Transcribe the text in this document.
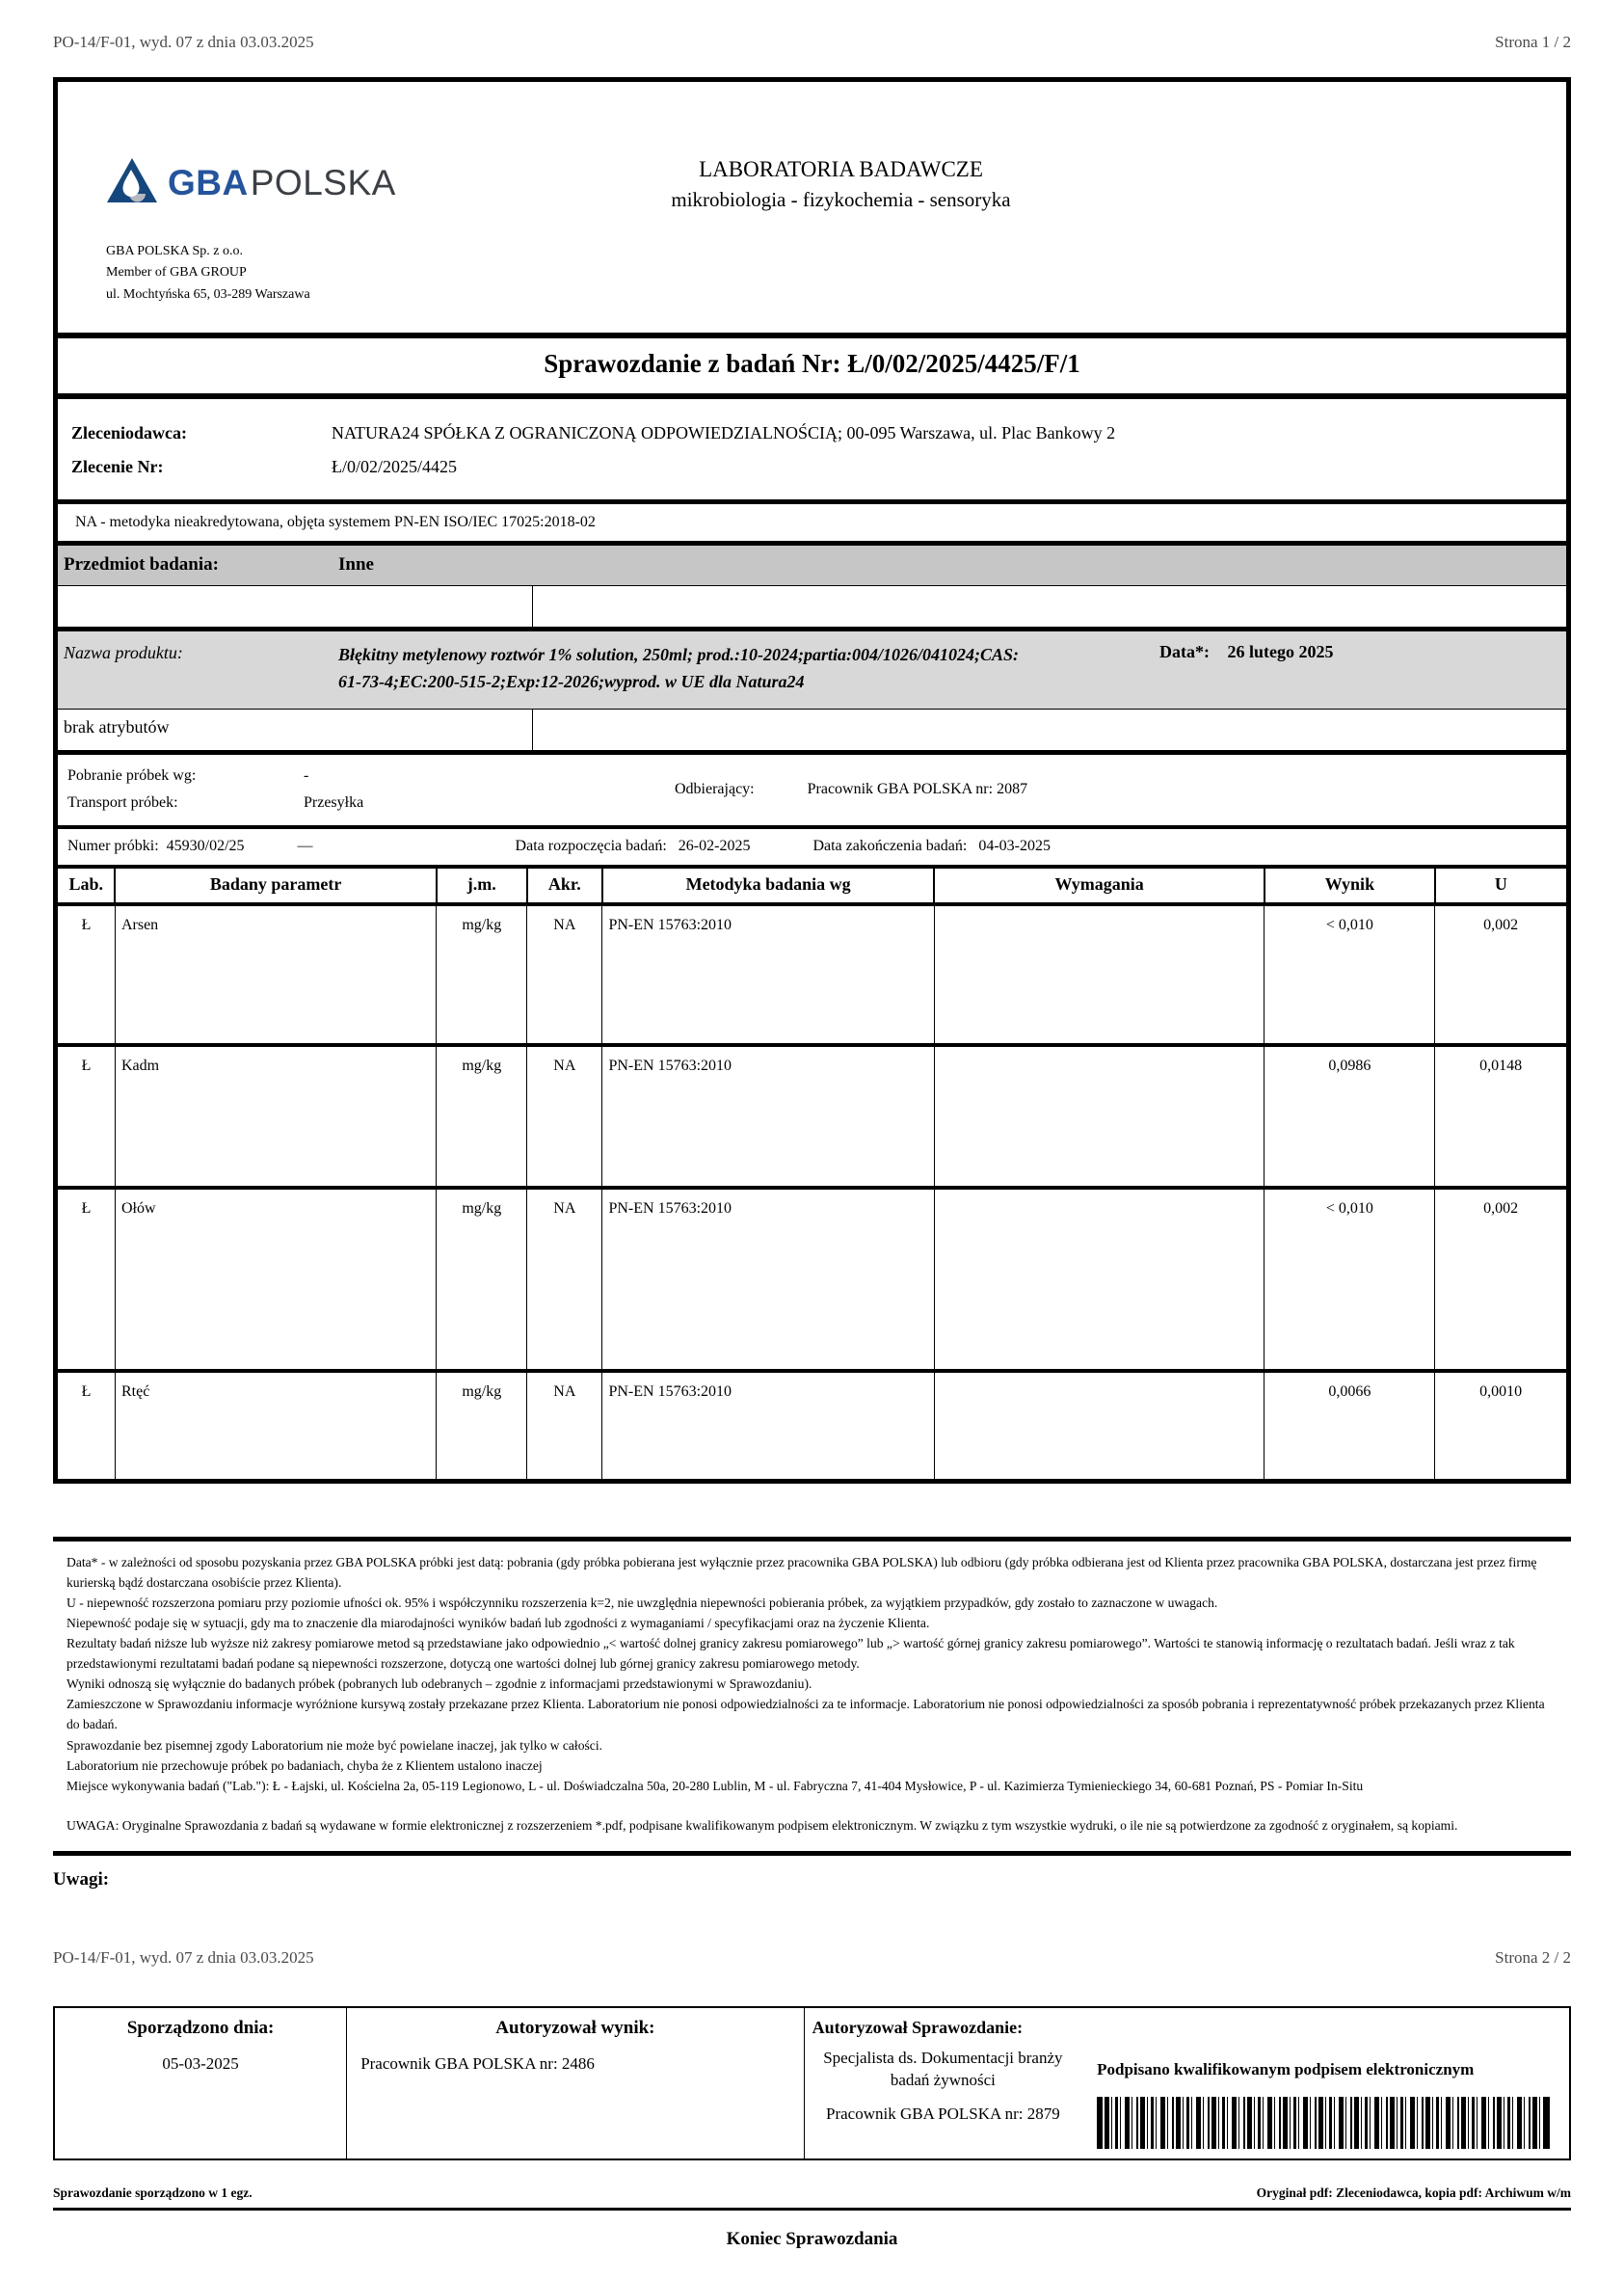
PO-14/F-01, wyd. 07 z dnia 03.03.2025	Strona 1 / 2
GBAPOLSKA	LABORATORIA BADAWCZE
mikrobiologia - fizykochemia - sensoryka
GBA POLSKA Sp. z o.o.
Member of GBA GROUP
ul. Mochtyńska 65, 03-289 Warszawa
Sprawozdanie z badań Nr: Ł/0/02/2025/4425/F/1
Zleceniodawca:	NATURA24 SPÓŁKA Z OGRANICZONĄ ODPOWIEDZIALNOŚCIĄ; 00-095 Warszawa, ul. Plac Bankowy 2
Zlecenie Nr:	Ł/0/02/2025/4425
NA - metodyka nieakredytowana, objęta systemem PN-EN ISO/IEC 17025:2018-02
Przedmiot badania:	Inne
Nazwa produktu:	Błękitny metylenowy roztwór 1% solution, 250ml; prod.:10-2024;partia:004/1026/041024;CAS:
61-73-4;EC:200-515-2;Exp:12-2026;wyprod. w UE dla Natura24
Data*: 26 lutego 2025
brak atrybutów
Pobranie próbek wg:	-
Transport próbek:	Przesyłka
Odbierający:	Pracownik GBA POLSKA nr: 2087
Numer próbki: 45930/02/25	—	Data rozpoczęcia badań: 26-02-2025	Data zakończenia badań: 04-03-2025
Lab.	Badany parametr	j.m.	Akr.	Metodyka badania wg	Wymagania	Wynik	U
Ł	Arsen	mg/kg	NA	PN-EN 15763:2010		< 0,010	0,002
Ł	Kadm	mg/kg	NA	PN-EN 15763:2010		0,0986	0,0148
Ł	Ołów	mg/kg	NA	PN-EN 15763:2010		< 0,010	0,002
Ł	Rtęć	mg/kg	NA	PN-EN 15763:2010		0,0066	0,0010
Data* - w zależności od sposobu pozyskania przez GBA POLSKA próbki jest datą: pobrania (gdy próbka pobierana jest wyłącznie przez pracownika GBA POLSKA) lub odbioru (gdy próbka odbierana jest od Klienta przez pracownika GBA POLSKA, dostarczana jest przez firmę kurierską bądź dostarczana osobiście przez Klienta).
U - niepewność rozszerzona pomiaru przy poziomie ufności ok. 95% i współczynniku rozszerzenia k=2, nie uwzględnia niepewności pobierania próbek, za wyjątkiem przypadków, gdy zostało to zaznaczone w uwagach.
Niepewność podaje się w sytuacji, gdy ma to znaczenie dla miarodajności wyników badań lub zgodności z wymaganiami / specyfikacjami oraz na życzenie Klienta.
Rezultaty badań niższe lub wyższe niż zakresy pomiarowe metod są przedstawiane jako odpowiednio „< wartość dolnej granicy zakresu pomiarowego” lub „> wartość górnej granicy zakresu pomiarowego”. Wartości te stanowią informację o rezultatach badań. Jeśli wraz z tak przedstawionymi rezultatami badań podane są niepewności rozszerzone, dotyczą one wartości dolnej lub górnej granicy zakresu pomiarowego metody.
Wyniki odnoszą się wyłącznie do badanych próbek (pobranych lub odebranych – zgodnie z informacjami przedstawionymi w Sprawozdaniu).
Zamieszczone w Sprawozdaniu informacje wyróżnione kursywą zostały przekazane przez Klienta. Laboratorium nie ponosi odpowiedzialności za te informacje. Laboratorium nie ponosi odpowiedzialności za sposób pobrania i reprezentatywność próbek przekazanych przez Klienta do badań.
Sprawozdanie bez pisemnej zgody Laboratorium nie może być powielane inaczej, jak tylko w całości.
Laboratorium nie przechowuje próbek po badaniach, chyba że z Klientem ustalono inaczej
Miejsce wykonywania badań ("Lab."): Ł - Łajski, ul. Kościelna 2a, 05-119 Legionowo, L - ul. Doświadczalna 50a, 20-280 Lublin, M - ul. Fabryczna 7, 41-404 Mysłowice, P - ul. Kazimierza Tymienieckiego 34, 60-681 Poznań, PS - Pomiar In-Situ
UWAGA: Oryginalne Sprawozdania z badań są wydawane w formie elektronicznej z rozszerzeniem *.pdf, podpisane kwalifikowanym podpisem elektronicznym. W związku z tym wszystkie wydruki, o ile nie są potwierdzone za zgodność z oryginałem, są kopiami.
Uwagi:
PO-14/F-01, wyd. 07 z dnia 03.03.2025	Strona 2 / 2
Sporządzono dnia:
05-03-2025
Autoryzował wynik:
Pracownik GBA POLSKA nr: 2486
Autoryzował Sprawozdanie:
Specjalista ds. Dokumentacji branży badań żywności
Pracownik GBA POLSKA nr: 2879
Podpisano kwalifikowanym podpisem elektronicznym
Sprawozdanie sporządzono w 1 egz.	Oryginał pdf: Zleceniodawca, kopia pdf: Archiwum w/m
Koniec Sprawozdania
